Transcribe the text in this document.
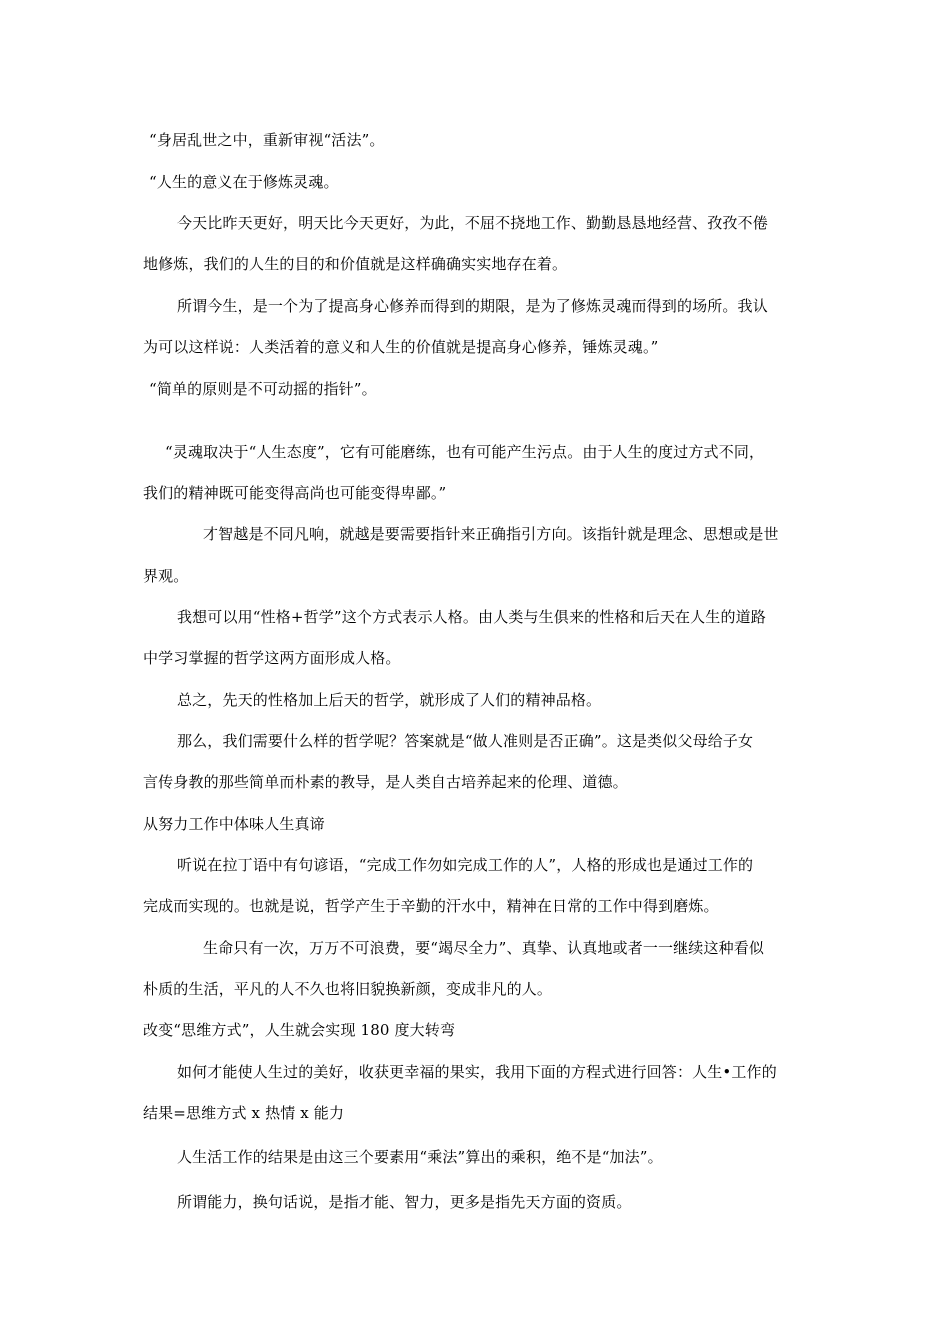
“身居乱世之中，重新审视“活法”。
“人生的意义在于修炼灵魂。
今天比昨天更好，明天比今天更好，为此，不屈不挠地工作、勤勤恳恳地经营、孜孜不倦
地修炼，我们的人生的目的和价值就是这样确确实实地存在着。
所谓今生，是一个为了提高身心修养而得到的期限，是为了修炼灵魂而得到的场所。我认
为可以这样说：人类活着的意义和人生的价值就是提高身心修养，锤炼灵魂。”
“简单的原则是不可动摇的指针”。
“灵魂取决于“人生态度”，它有可能磨练，也有可能产生污点。由于人生的度过方式不同，
我们的精神既可能变得高尚也可能变得卑鄙。”
才智越是不同凡响，就越是要需要指针来正确指引方向。该指针就是理念、思想或是世
界观。
我想可以用“性格+哲学”这个方式表示人格。由人类与生俱来的性格和后天在人生的道路
中学习掌握的哲学这两方面形成人格。
总之，先天的性格加上后天的哲学，就形成了人们的精神品格。
那么，我们需要什么样的哲学呢？答案就是“做人准则是否正确”。这是类似父母给子女
言传身教的那些简单而朴素的教导，是人类自古培养起来的伦理、道德。
从努力工作中体味人生真谛
听说在拉丁语中有句谚语，“完成工作勿如完成工作的人”，人格的形成也是通过工作的
完成而实现的。也就是说，哲学产生于辛勤的汗水中，精神在日常的工作中得到磨炼。
生命只有一次，万万不可浪费，要“竭尽全力”、真挚、认真地或者一一继续这种看似
朴质的生活，平凡的人不久也将旧貌换新颜，变成非凡的人。
改变“思维方式”，人生就会实现 180 度大转弯
如何才能使人生过的美好，收获更幸福的果实，我用下面的方程式进行回答：人生•工作的
结果=思维方式 x 热情 x 能力
人生活工作的结果是由这三个要素用“乘法”算出的乘积，绝不是“加法”。
所谓能力，换句话说，是指才能、智力，更多是指先天方面的资质。
